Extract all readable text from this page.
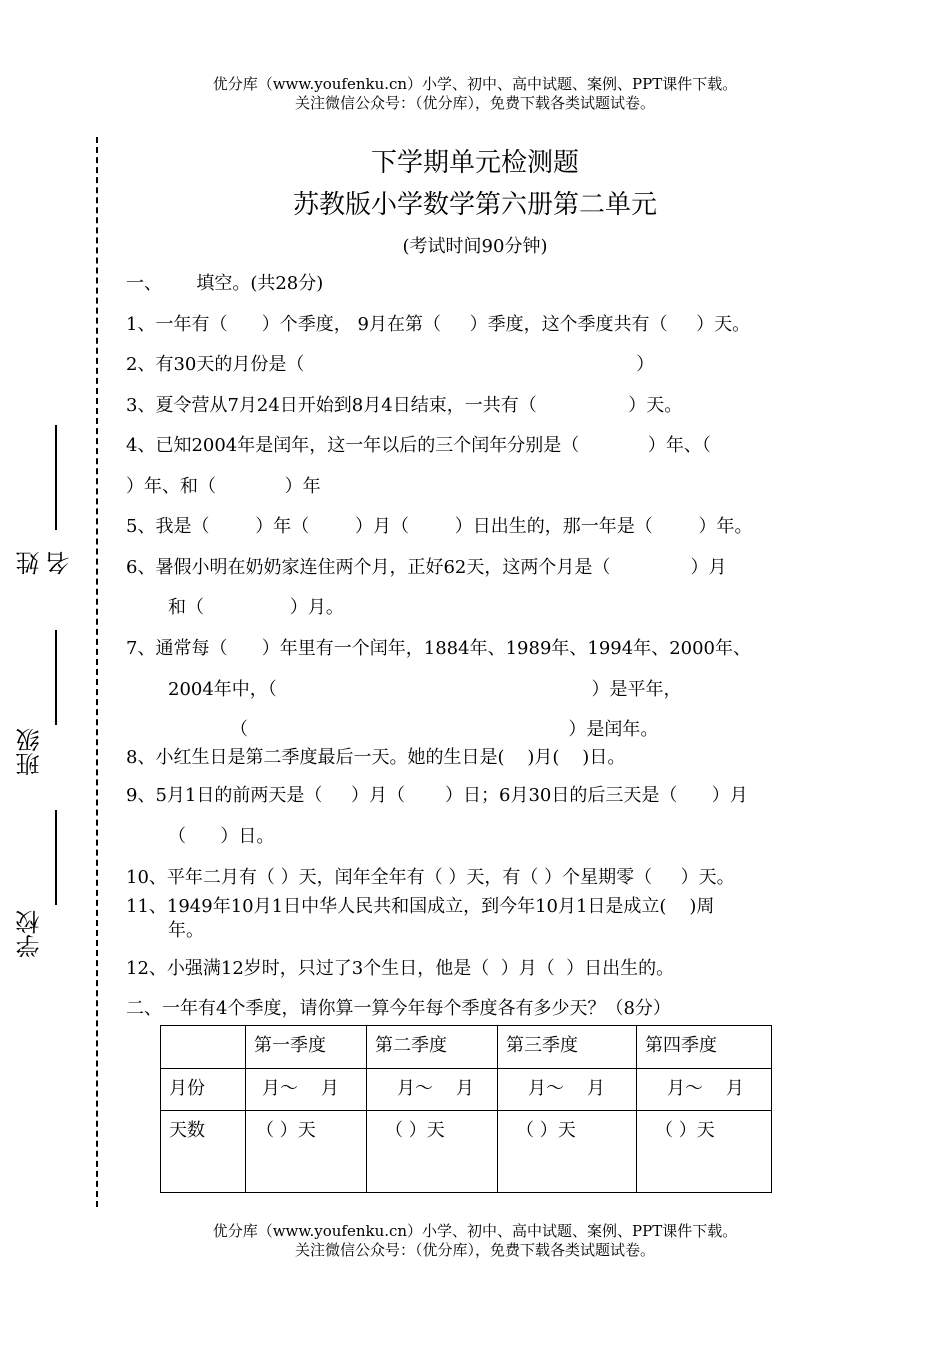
优分库（www.youfenku.cn）小学、初中、高中试题、案例、PPT课件下载。
关注微信公众号：（优分库），免费下载各类试题试卷。
姓名
班级
学校
下学期单元检测题
苏教版小学数学第六册第二单元
(考试时间90分钟)
一、      填空。(共28分)
1、一年有（      ）个季度， 9月在第（     ）季度，这个季度共有（     ）天。
2、有30天的月份是（                                                          ）
3、夏令营从7月24日开始到8月4日结束，一共有（                ）天。
4、已知2004年是闰年，这一年以后的三个闰年分别是（            ）年、（
）年、和（            ）年
5、我是（        ）年（        ）月（        ）日出生的，那一年是（        ）年。
6、暑假小明在奶奶家连住两个月，正好62天，这两个月是（              ）月
和（               ）月。
7、通常每（      ）年里有一个闰年，1884年、1989年、1994年、2000年、
2004年中，（                                                       ）是平年，
（                                                        ）是闰年。
8、小红生日是第二季度最后一天。她的生日是(    )月(    )日。
9、5月1日的前两天是（     ）月（       ）日；6月30日的后三天是（      ）月
（      ）日。
10、平年二月有（ ）天，闰年全年有（ ）天，有（ ）个星期零（     ）天。
11、1949年10月1日中华人民共和国成立，到今年10月1日是成立(    )周
年。
12、小强满12岁时，只过了3个生日，他是（  ）月（  ）日出生的。
二、一年有4个季度，请你算一算今年每个季度各有多少天？（8分）
	第一季度	第二季度	第三季度	第四季度
月份	月～    月	月～    月	月～    月	月～    月
天数	（ ）天	（ ）天	（ ）天	（ ）天
优分库（www.youfenku.cn）小学、初中、高中试题、案例、PPT课件下载。
关注微信公众号：（优分库），免费下载各类试题试卷。
